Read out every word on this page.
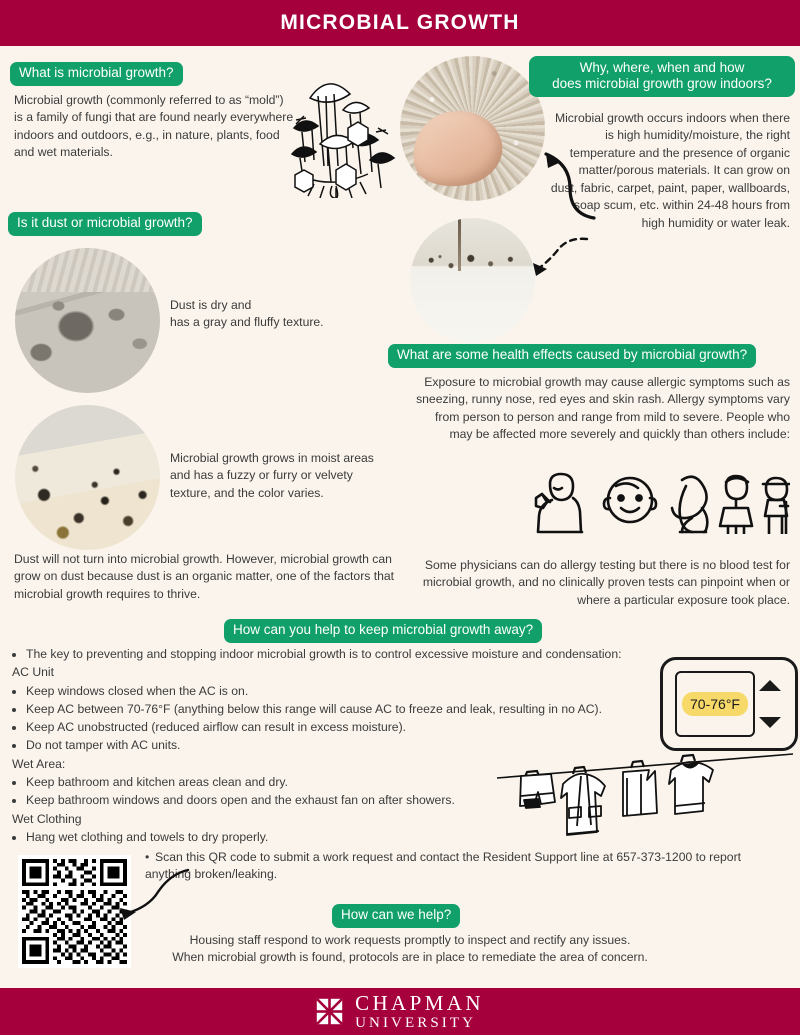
MICROBIAL GROWTH
What is microbial growth?
Microbial growth (commonly referred to as “mold”) is a family of fungi that are found nearly everywhere indoors and outdoors, e.g., in nature, plants, food and wet materials.
Why, where, when and how
does microbial growth grow indoors?
Microbial growth occurs indoors when there is high humidity/moisture, the right temperature and the presence of organic matter/porous materials. It can grow on dust, fabric, carpet, paint, paper, wallboards, soap scum, etc. within 24-48 hours from high humidity or water leak.
Is it dust or microbial growth?
Dust is dry and
has a gray and fluffy texture.
Microbial growth grows in moist areas and has a fuzzy or furry or velvety texture, and the color varies.
Dust will not turn into microbial growth. However, microbial growth can grow on dust because dust is an organic matter, one of the factors that microbial growth requires to thrive.
What are some health effects caused by microbial growth?
Exposure to microbial growth may cause allergic symptoms such as sneezing, runny nose, red eyes and skin rash. Allergy symptoms vary from person to person and range from mild to severe. People who may be affected more severely and quickly than others include:
Some physicians can do allergy testing but there is no blood test for microbial growth, and no clinically proven tests can pinpoint when or where a particular exposure took place.
How can you help to keep microbial growth away?
• The key to preventing and stopping indoor microbial growth is to control excessive moisture and condensation:
AC Unit
• Keep windows closed when the AC is on.
• Keep AC between 70-76°F (anything below this range will cause AC to freeze and leak, resulting in no AC).
• Keep AC unobstructed (reduced airflow can result in excess moisture).
• Do not tamper with AC units.
Wet Area:
• Keep bathroom and kitchen areas clean and dry.
• Keep bathroom windows and doors open and the exhaust fan on after showers.
Wet Clothing
• Hang wet clothing and towels to dry properly.
• Scan this QR code to submit a work request and contact the Resident Support line at 657-373-1200 to report anything broken/leaking.
70-76°F
How can we help?
Housing staff respond to work requests promptly to inspect and rectify any issues.
When microbial growth is found, protocols are in place to remediate the area of concern.
CHAPMAN
UNIVERSITY
